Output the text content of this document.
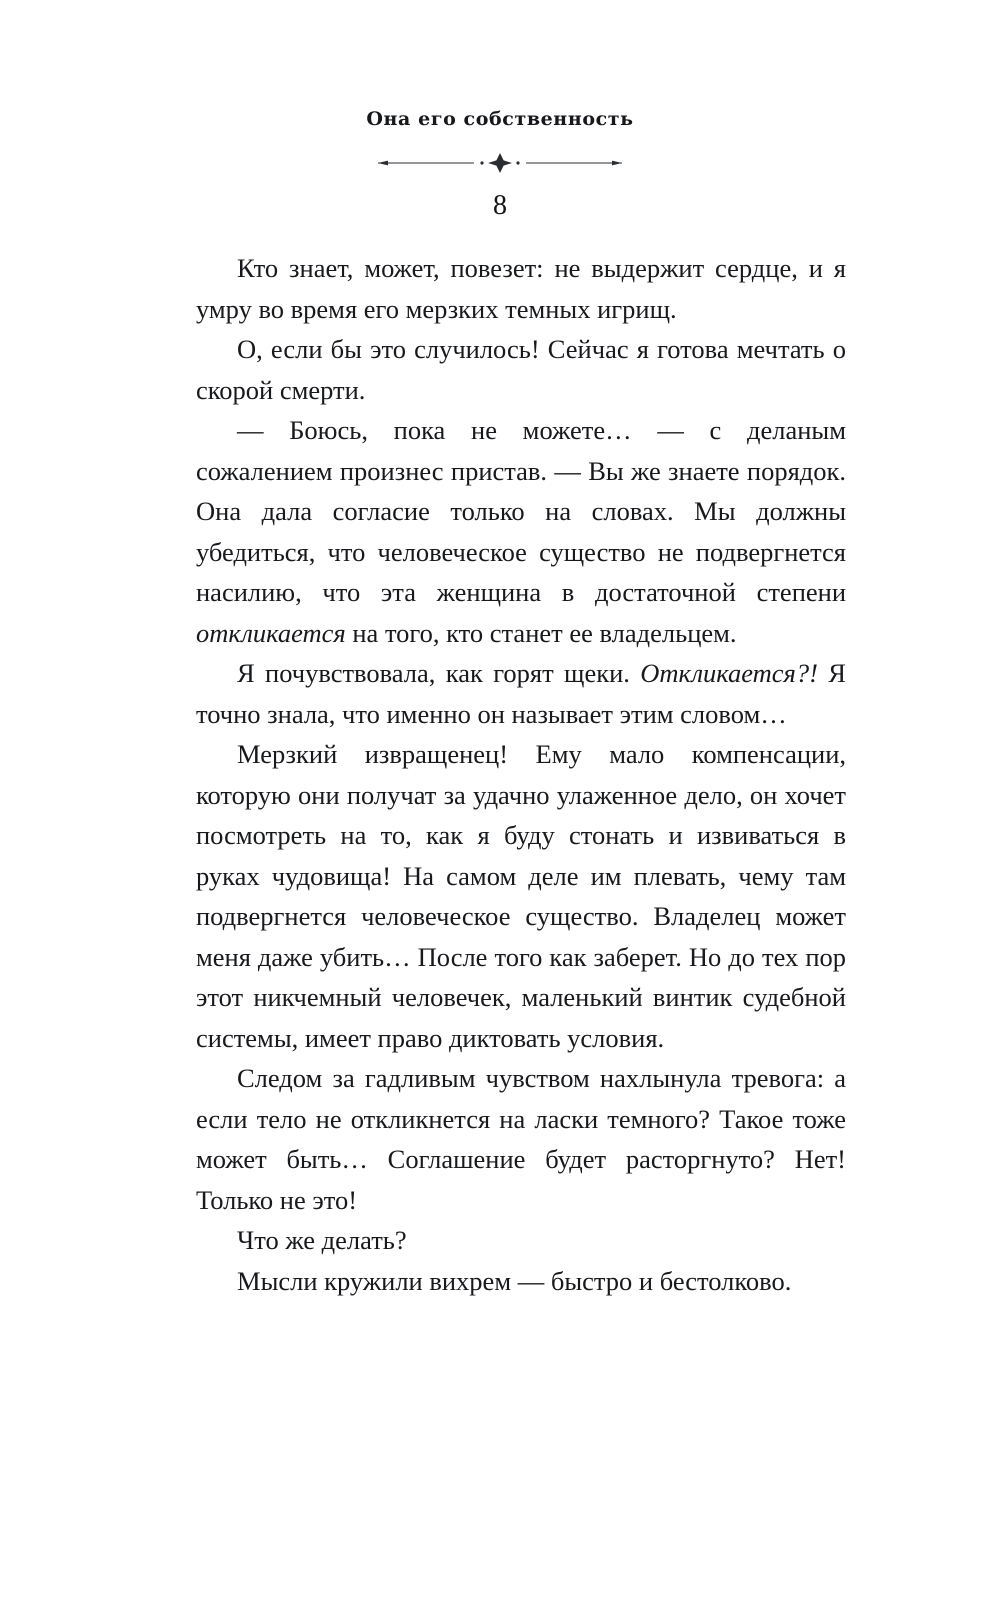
Она его собственность
8

Кто знает, может, повезет: не выдержит сердце, и я умру во время его мерзких темных игрищ.

О, если бы это случилось! Сейчас я готова мечтать о скорой смерти.

— Боюсь, пока не можете… — с деланым сожалением произнес пристав. — Вы же знаете порядок. Она дала согласие только на словах. Мы должны убедиться, что человеческое существо не подвергнется насилию, что эта женщина в достаточной степени откликается на того, кто станет ее владельцем.

Я почувствовала, как горят щеки. Откликается?! Я точно знала, что именно он называет этим словом…

Мерзкий извращенец! Ему мало компенсации, которую они получат за удачно улаженное дело, он хочет посмотреть на то, как я буду стонать и извиваться в руках чудовища! На самом деле им плевать, чему там подвергнется человеческое существо. Владелец может меня даже убить… После того как заберет. Но до тех пор этот никчемный человечек, маленький винтик судебной системы, имеет право диктовать условия.

Следом за гадливым чувством нахлынула тревога: а если тело не откликнется на ласки темного? Такое тоже может быть… Соглашение будет расторгнуто? Нет! Только не это!

Что же делать?

Мысли кружили вихрем — быстро и бестолково.
